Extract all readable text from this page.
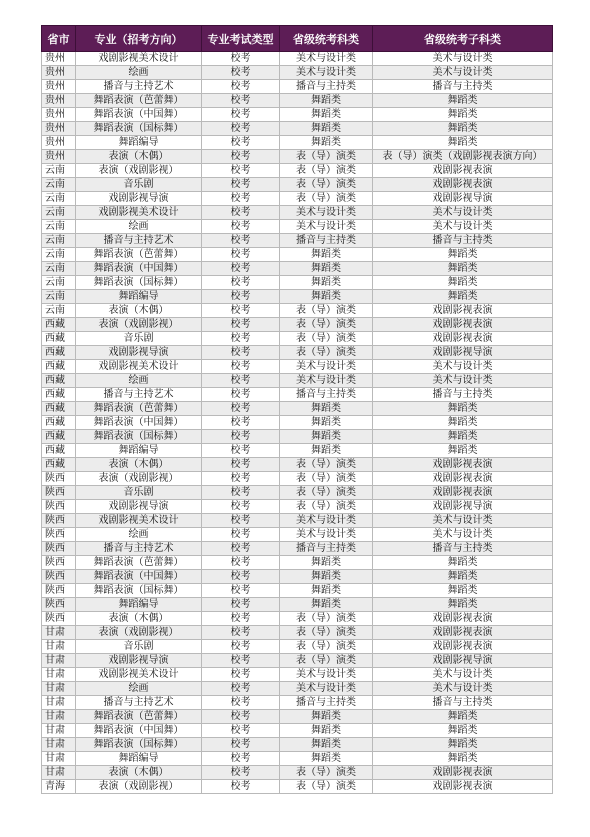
省市	专业（招考方向）	专业考试类型	省级统考科类	省级统考子科类
贵州	戏剧影视美术设计	校考	美术与设计类	美术与设计类
贵州	绘画	校考	美术与设计类	美术与设计类
贵州	播音与主持艺术	校考	播音与主持类	播音与主持类
贵州	舞蹈表演（芭蕾舞）	校考	舞蹈类	舞蹈类
贵州	舞蹈表演（中国舞）	校考	舞蹈类	舞蹈类
贵州	舞蹈表演（国标舞）	校考	舞蹈类	舞蹈类
贵州	舞蹈编导	校考	舞蹈类	舞蹈类
贵州	表演（木偶）	校考	表（导）演类	表（导）演类（戏剧影视表演方向）
云南	表演（戏剧影视）	校考	表（导）演类	戏剧影视表演
云南	音乐剧	校考	表（导）演类	戏剧影视表演
云南	戏剧影视导演	校考	表（导）演类	戏剧影视导演
云南	戏剧影视美术设计	校考	美术与设计类	美术与设计类
云南	绘画	校考	美术与设计类	美术与设计类
云南	播音与主持艺术	校考	播音与主持类	播音与主持类
云南	舞蹈表演（芭蕾舞）	校考	舞蹈类	舞蹈类
云南	舞蹈表演（中国舞）	校考	舞蹈类	舞蹈类
云南	舞蹈表演（国标舞）	校考	舞蹈类	舞蹈类
云南	舞蹈编导	校考	舞蹈类	舞蹈类
云南	表演（木偶）	校考	表（导）演类	戏剧影视表演
西藏	表演（戏剧影视）	校考	表（导）演类	戏剧影视表演
西藏	音乐剧	校考	表（导）演类	戏剧影视表演
西藏	戏剧影视导演	校考	表（导）演类	戏剧影视导演
西藏	戏剧影视美术设计	校考	美术与设计类	美术与设计类
西藏	绘画	校考	美术与设计类	美术与设计类
西藏	播音与主持艺术	校考	播音与主持类	播音与主持类
西藏	舞蹈表演（芭蕾舞）	校考	舞蹈类	舞蹈类
西藏	舞蹈表演（中国舞）	校考	舞蹈类	舞蹈类
西藏	舞蹈表演（国标舞）	校考	舞蹈类	舞蹈类
西藏	舞蹈编导	校考	舞蹈类	舞蹈类
西藏	表演（木偶）	校考	表（导）演类	戏剧影视表演
陕西	表演（戏剧影视）	校考	表（导）演类	戏剧影视表演
陕西	音乐剧	校考	表（导）演类	戏剧影视表演
陕西	戏剧影视导演	校考	表（导）演类	戏剧影视导演
陕西	戏剧影视美术设计	校考	美术与设计类	美术与设计类
陕西	绘画	校考	美术与设计类	美术与设计类
陕西	播音与主持艺术	校考	播音与主持类	播音与主持类
陕西	舞蹈表演（芭蕾舞）	校考	舞蹈类	舞蹈类
陕西	舞蹈表演（中国舞）	校考	舞蹈类	舞蹈类
陕西	舞蹈表演（国标舞）	校考	舞蹈类	舞蹈类
陕西	舞蹈编导	校考	舞蹈类	舞蹈类
陕西	表演（木偶）	校考	表（导）演类	戏剧影视表演
甘肃	表演（戏剧影视）	校考	表（导）演类	戏剧影视表演
甘肃	音乐剧	校考	表（导）演类	戏剧影视表演
甘肃	戏剧影视导演	校考	表（导）演类	戏剧影视导演
甘肃	戏剧影视美术设计	校考	美术与设计类	美术与设计类
甘肃	绘画	校考	美术与设计类	美术与设计类
甘肃	播音与主持艺术	校考	播音与主持类	播音与主持类
甘肃	舞蹈表演（芭蕾舞）	校考	舞蹈类	舞蹈类
甘肃	舞蹈表演（中国舞）	校考	舞蹈类	舞蹈类
甘肃	舞蹈表演（国标舞）	校考	舞蹈类	舞蹈类
甘肃	舞蹈编导	校考	舞蹈类	舞蹈类
甘肃	表演（木偶）	校考	表（导）演类	戏剧影视表演
青海	表演（戏剧影视）	校考	表（导）演类	戏剧影视表演
